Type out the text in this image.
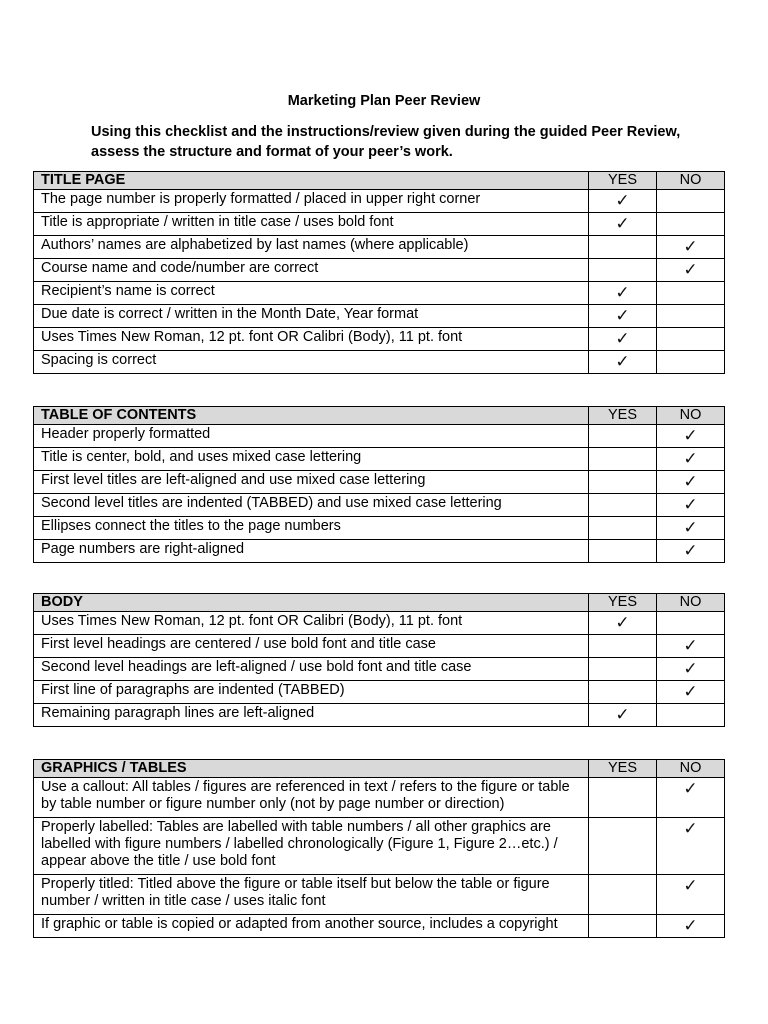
Marketing Plan Peer Review
Using this checklist and the instructions/review given during the guided Peer Review, assess the structure and format of your peer’s work.
TITLE PAGE	YES	NO
The page number is properly formatted / placed in upper right corner	✓	
Title is appropriate / written in title case / uses bold font	✓	
Authors’ names are alphabetized by last names (where applicable)		✓
Course name and code/number are correct		✓
Recipient’s name is correct	✓	
Due date is correct / written in the Month Date, Year format	✓	
Uses Times New Roman, 12 pt. font OR Calibri (Body), 11 pt. font	✓	
Spacing is correct	✓	
TABLE OF CONTENTS	YES	NO
Header properly formatted		✓
Title is center, bold, and uses mixed case lettering		✓
First level titles are left-aligned and use mixed case lettering		✓
Second level titles are indented (TABBED) and use mixed case lettering		✓
Ellipses connect the titles to the page numbers		✓
Page numbers are right-aligned		✓
BODY	YES	NO
Uses Times New Roman, 12 pt. font OR Calibri (Body), 11 pt. font	✓	
First level headings are centered / use bold font and title case		✓
Second level headings are left-aligned / use bold font and title case		✓
First line of paragraphs are indented (TABBED)		✓
Remaining paragraph lines are left-aligned	✓	
GRAPHICS / TABLES	YES	NO
Use a callout: All tables / figures are referenced in text / refers to the figure or table by table number or figure number only (not by page number or direction)		✓
Properly labelled: Tables are labelled with table numbers / all other graphics are labelled with figure numbers / labelled chronologically (Figure 1, Figure 2…etc.) / appear above the title / use bold font		✓
Properly titled: Titled above the figure or table itself but below the table or figure number / written in title case / uses italic font		✓
If graphic or table is copied or adapted from another source, includes a copyright		✓
